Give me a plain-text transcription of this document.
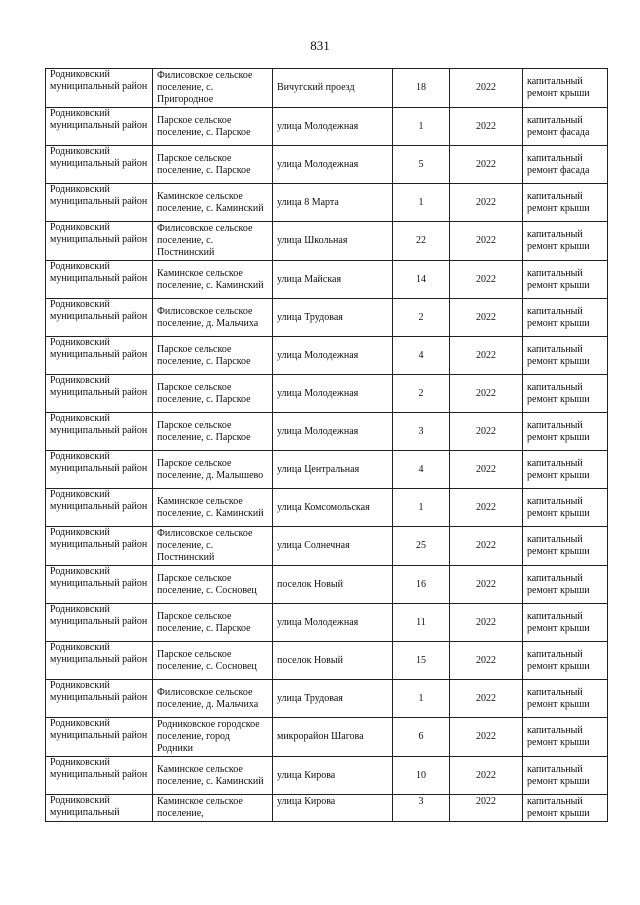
831
Родниковский муниципальный район	Филисовское сельское поселение, с. Пригородное	Вичугский проезд	18	2022	капитальный ремонт крыши
Родниковский муниципальный район	Парское сельское поселение, с. Парское	улица Молодежная	1	2022	капитальный ремонт фасада
Родниковский муниципальный район	Парское сельское поселение, с. Парское	улица Молодежная	5	2022	капитальный ремонт фасада
Родниковский муниципальный район	Каминское сельское поселение, с. Каминский	улица 8 Марта	1	2022	капитальный ремонт крыши
Родниковский муниципальный район	Филисовское сельское поселение, с. Постнинский	улица Школьная	22	2022	капитальный ремонт крыши
Родниковский муниципальный район	Каминское сельское поселение, с. Каминский	улица Майская	14	2022	капитальный ремонт крыши
Родниковский муниципальный район	Филисовское сельское поселение, д. Мальчиха	улица Трудовая	2	2022	капитальный ремонт крыши
Родниковский муниципальный район	Парское сельское поселение, с. Парское	улица Молодежная	4	2022	капитальный ремонт крыши
Родниковский муниципальный район	Парское сельское поселение, с. Парское	улица Молодежная	2	2022	капитальный ремонт крыши
Родниковский муниципальный район	Парское сельское поселение, с. Парское	улица Молодежная	3	2022	капитальный ремонт крыши
Родниковский муниципальный район	Парское сельское поселение, д. Малышево	улица Центральная	4	2022	капитальный ремонт крыши
Родниковский муниципальный район	Каминское сельское поселение, с. Каминский	улица Комсомольская	1	2022	капитальный ремонт крыши
Родниковский муниципальный район	Филисовское сельское поселение, с. Постнинский	улица Солнечная	25	2022	капитальный ремонт крыши
Родниковский муниципальный район	Парское сельское поселение, с. Сосновец	поселок Новый	16	2022	капитальный ремонт крыши
Родниковский муниципальный район	Парское сельское поселение, с. Парское	улица Молодежная	11	2022	капитальный ремонт крыши
Родниковский муниципальный район	Парское сельское поселение, с. Сосновец	поселок Новый	15	2022	капитальный ремонт крыши
Родниковский муниципальный район	Филисовское сельское поселение, д. Мальчиха	улица Трудовая	1	2022	капитальный ремонт крыши
Родниковский муниципальный район	Родниковское городское поселение, город Родники	микрорайон Шагова	6	2022	капитальный ремонт крыши
Родниковский муниципальный район	Каминское сельское поселение, с. Каминский	улица Кирова	10	2022	капитальный ремонт крыши
Родниковский муниципальный	Каминское сельское поселение,	улица Кирова	3	2022	капитальный ремонт крыши
